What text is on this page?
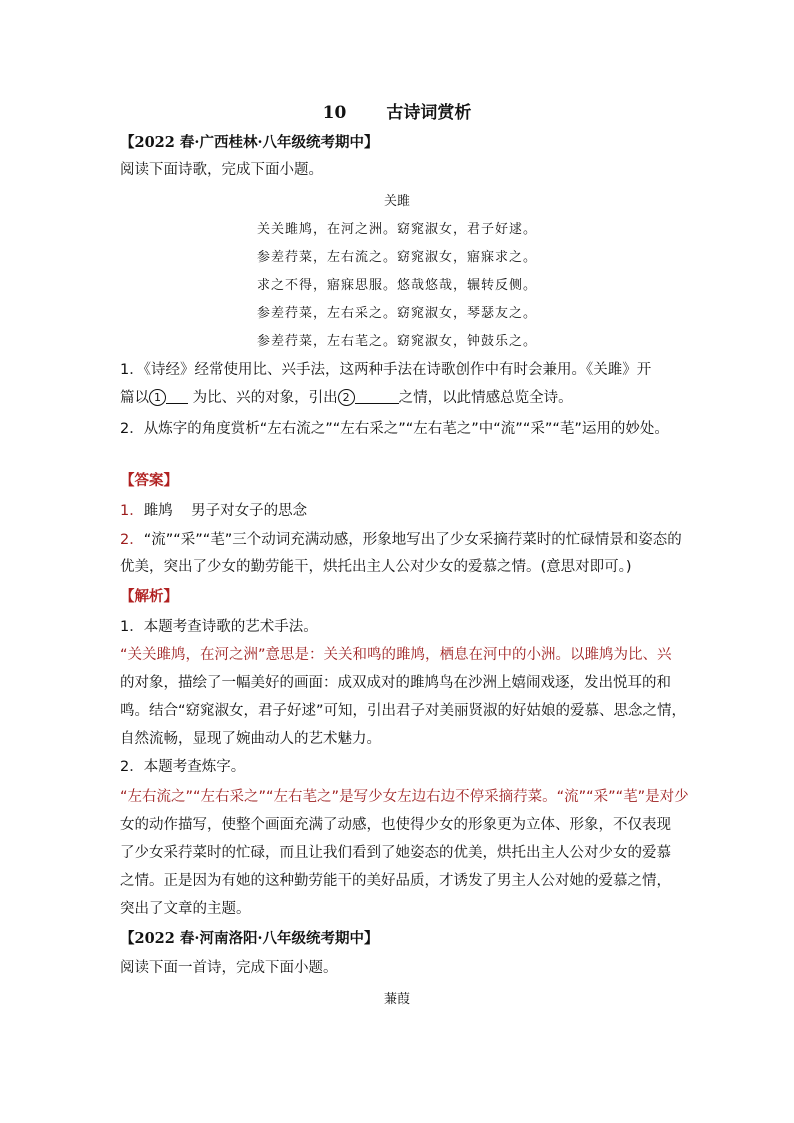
10 古诗词赏析
【2022 春·广西桂林·八年级统考期中】
阅读下面诗歌，完成下面小题。
关雎
关关雎鸠，在河之洲。窈窕淑女，君子好逑。
参差荇菜，左右流之。窈窕淑女，寤寐求之。
求之不得，寤寐思服。悠哉悠哉，辗转反侧。
参差荇菜，左右采之。窈窕淑女，琴瑟友之。
参差荇菜，左右芼之。窈窕淑女，钟鼓乐之。
1．《诗经》经常使用比、兴手法，这两种手法在诗歌创作中有时会兼用。《关雎》开
篇以 1 为比、兴的对象，引出 2	之情，以此情感总览全诗。
2．从炼字的角度赏析“左右流之”“左右采之”“左右芼之”中“流”“采”“芼”运用的妙处。
【答案】
1．雎鸠    男子对女子的思念
2．“流”“采”“芼”三个动词充满动感，形象地写出了少女采摘荇菜时的忙碌情景和姿态的
优美，突出了少女的勤劳能干，烘托出主人公对少女的爱慕之情。(意思对即可。)
【解析】
1．本题考查诗歌的艺术手法。
“关关雎鸠，在河之洲”意思是：关关和鸣的雎鸠，栖息在河中的小洲。以雎鸠为比、兴
的对象，描绘了一幅美好的画面：成双成对的雎鸠鸟在沙洲上嬉闹戏逐，发出悦耳的和
鸣。结合“窈窕淑女，君子好逑”可知，引出君子对美丽贤淑的好姑娘的爱慕、思念之情，
自然流畅，显现了婉曲动人的艺术魅力。
2．本题考查炼字。
“左右流之”“左右采之”“左右芼之”是写少女左边右边不停采摘荇菜。“流”“采”“芼”是对少
女的动作描写，使整个画面充满了动感，也使得少女的形象更为立体、形象，不仅表现
了少女采荇菜时的忙碌，而且让我们看到了她姿态的优美，烘托出主人公对少女的爱慕
之情。正是因为有她的这种勤劳能干的美好品质，才诱发了男主人公对她的爱慕之情，
突出了文章的主题。
【2022 春·河南洛阳·八年级统考期中】
阅读下面一首诗，完成下面小题。
蒹葭
